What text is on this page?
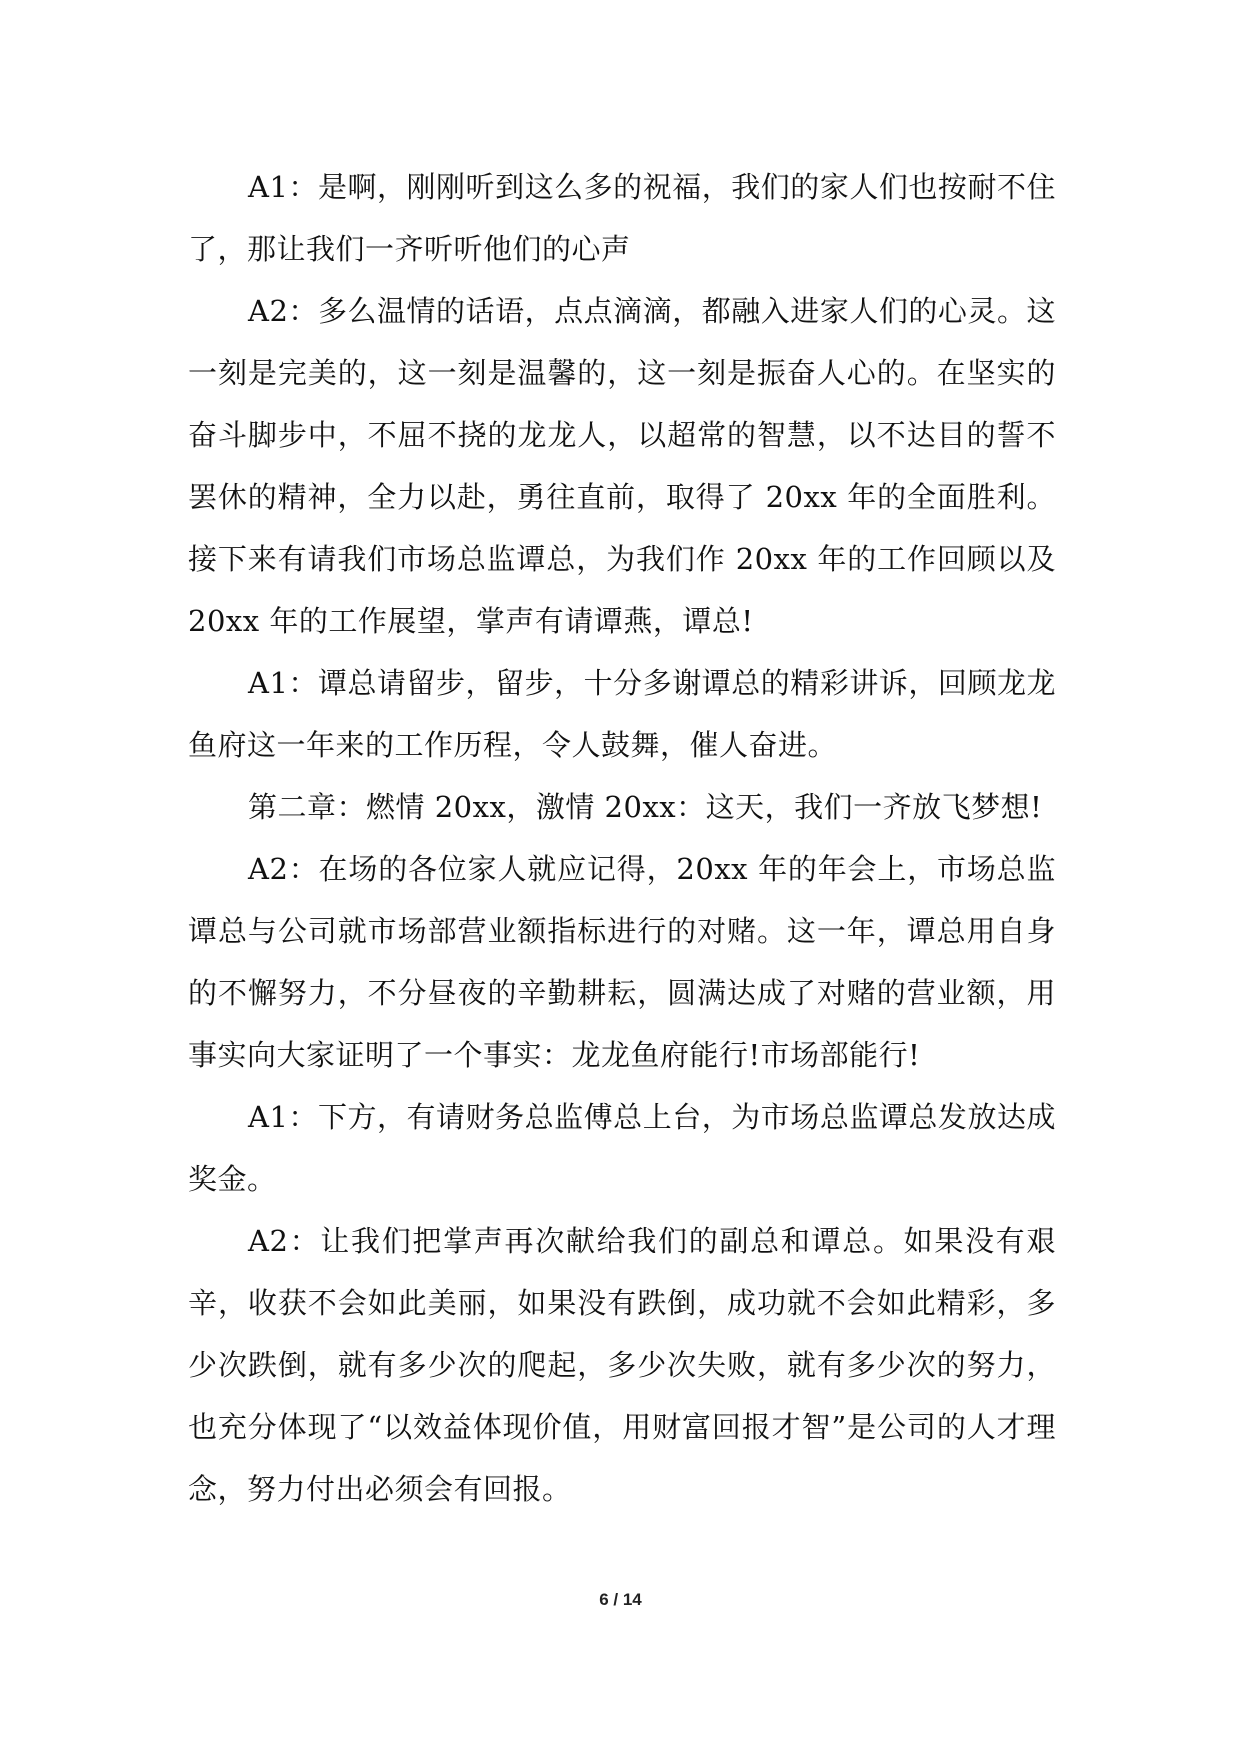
A1：是啊，刚刚听到这么多的祝福，我们的家人们也按耐不住了，那让我们一齐听听他们的心声

A2：多么温情的话语，点点滴滴，都融入进家人们的心灵。这一刻是完美的，这一刻是温馨的，这一刻是振奋人心的。在坚实的奋斗脚步中，不屈不挠的龙龙人，以超常的智慧，以不达目的誓不罢休的精神，全力以赴，勇往直前，取得了 20xx 年的全面胜利。接下来有请我们市场总监谭总，为我们作 20xx 年的工作回顾以及 20xx 年的工作展望，掌声有请谭燕，谭总!

A1：谭总请留步，留步，十分多谢谭总的精彩讲诉，回顾龙龙鱼府这一年来的工作历程，令人鼓舞，催人奋进。

第二章：燃情 20xx，激情 20xx：这天，我们一齐放飞梦想!

A2：在场的各位家人就应记得，20xx 年的年会上，市场总监谭总与公司就市场部营业额指标进行的对赌。这一年，谭总用自身的不懈努力，不分昼夜的辛勤耕耘，圆满达成了对赌的营业额，用事实向大家证明了一个事实：龙龙鱼府能行!市场部能行!

A1：下方，有请财务总监傅总上台，为市场总监谭总发放达成奖金。

A2：让我们把掌声再次献给我们的副总和谭总。如果没有艰辛，收获不会如此美丽，如果没有跌倒，成功就不会如此精彩，多少次跌倒，就有多少次的爬起，多少次失败，就有多少次的努力，也充分体现了“以效益体现价值，用财富回报才智”是公司的人才理念，努力付出必须会有回报。

6 / 14
